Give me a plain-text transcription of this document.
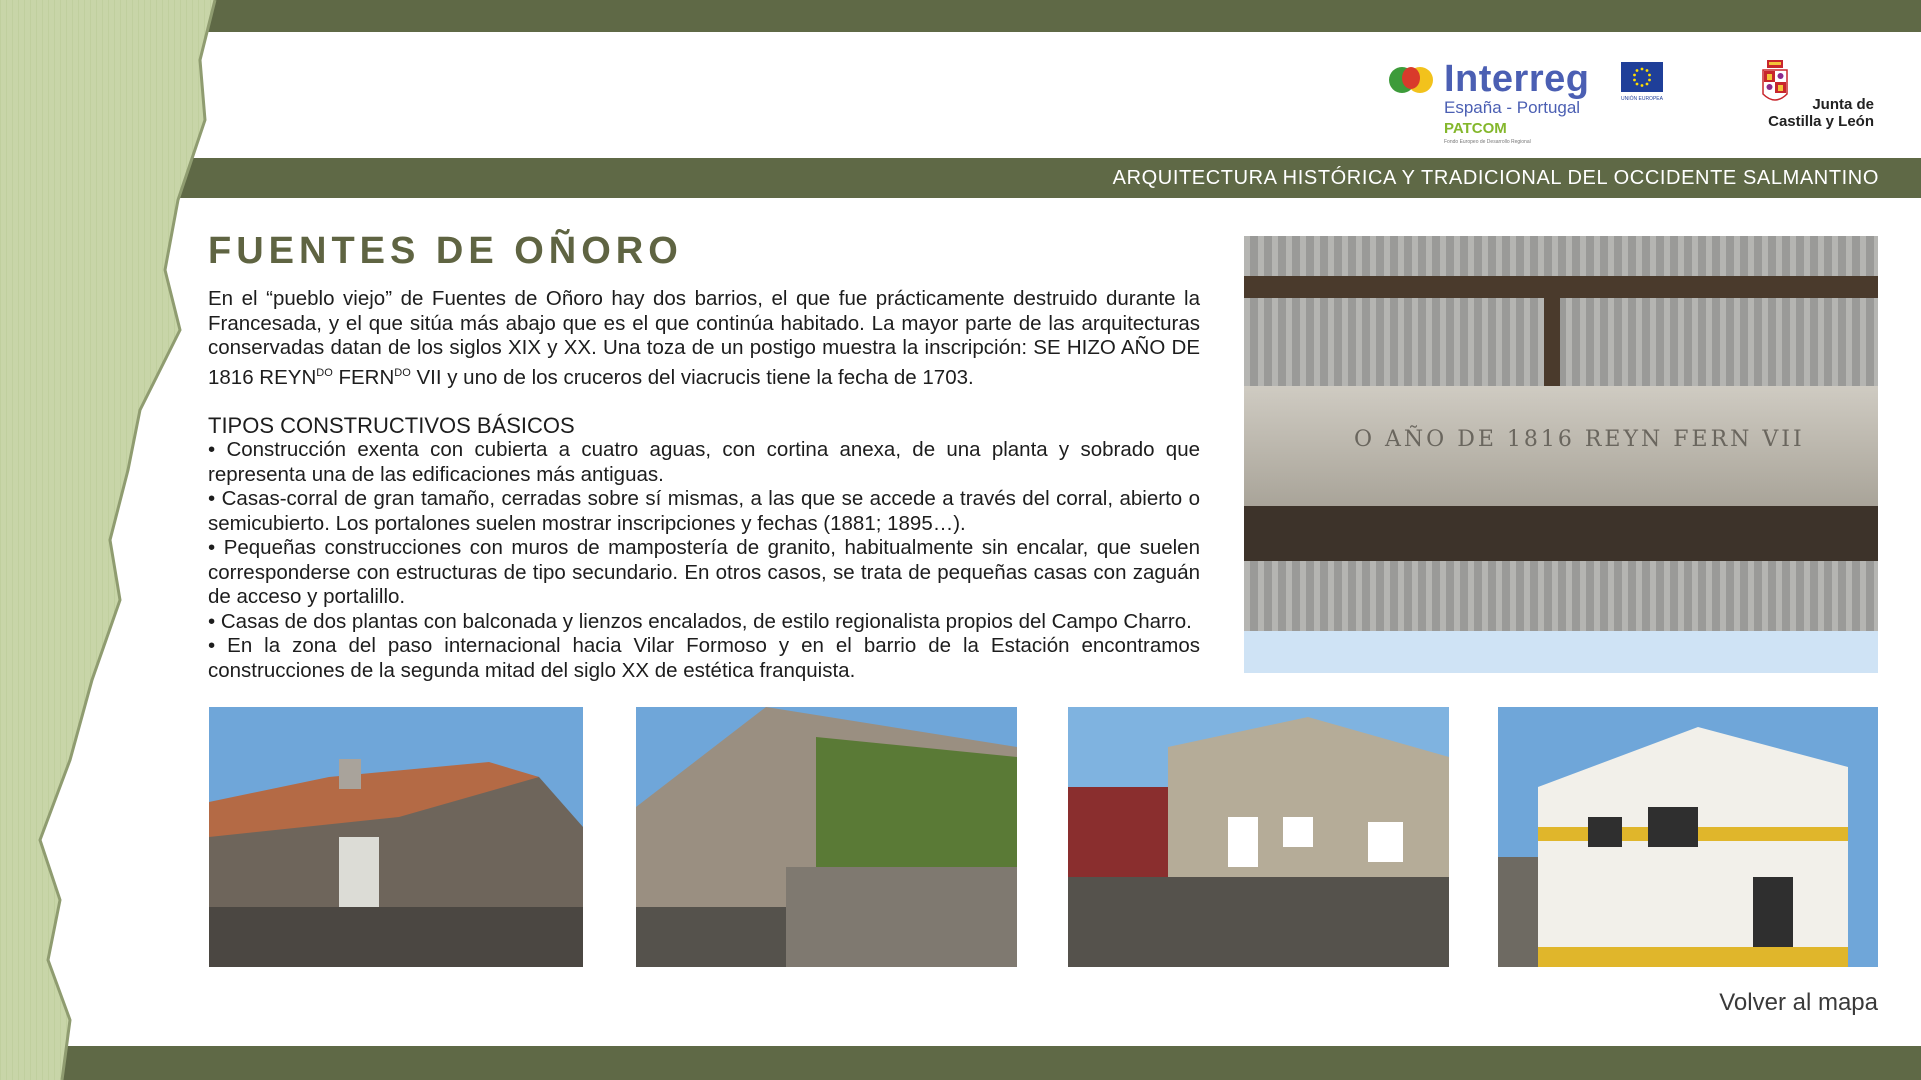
Interreg	UNIÓN EUROPEA
España - Portugal
PATCOM
Fondo Europeo de Desarrollo Regional
Junta de
Castilla y León
ARQUITECTURA HISTÓRICA Y TRADICIONAL DEL OCCIDENTE SALMANTINO
FUENTES DE OÑORO

En el “pueblo viejo” de Fuentes de Oñoro hay dos barrios, el que fue prácticamente destruido durante la Francesada, y el que sitúa más abajo que es el que continúa habitado. La mayor parte de las arquitecturas conservadas datan de los siglos XIX y XX. Una toza de un postigo muestra la inscripción: SE HIZO AÑO DE 1816 $REYN^{DO}$ $FERN^{DO}$ VII y uno de los cruceros del viacrucis tiene la fecha de 1703.

TIPOS CONSTRUCTIVOS BÁSICOS

• Construcción exenta con cubierta a cuatro aguas, con cortina anexa, de una planta y sobrado que representa una de las edificaciones más antiguas.

• Casas-corral de gran tamaño, cerradas sobre sí mismas, a las que se accede a través del corral, abierto o semicubierto. Los portalones suelen mostrar inscripciones y fechas (1881; 1895…).

• Pequeñas construcciones con muros de mampostería de granito, habitualmente sin encalar, que suelen corresponderse con estructuras de tipo secundario. En otros casos, se trata de pequeñas casas con zaguán de acceso y portalillo.

• Casas de dos plantas con balconada y lienzos encalados, de estilo regionalista propios del Campo Charro.

• En la zona del paso internacional hacia Vilar Formoso y en el barrio de la Estación encontramos construcciones de la segunda mitad del siglo XX de estética franquista.

O AÑO DE 1816 REYN FERN VII
Volver al mapa
